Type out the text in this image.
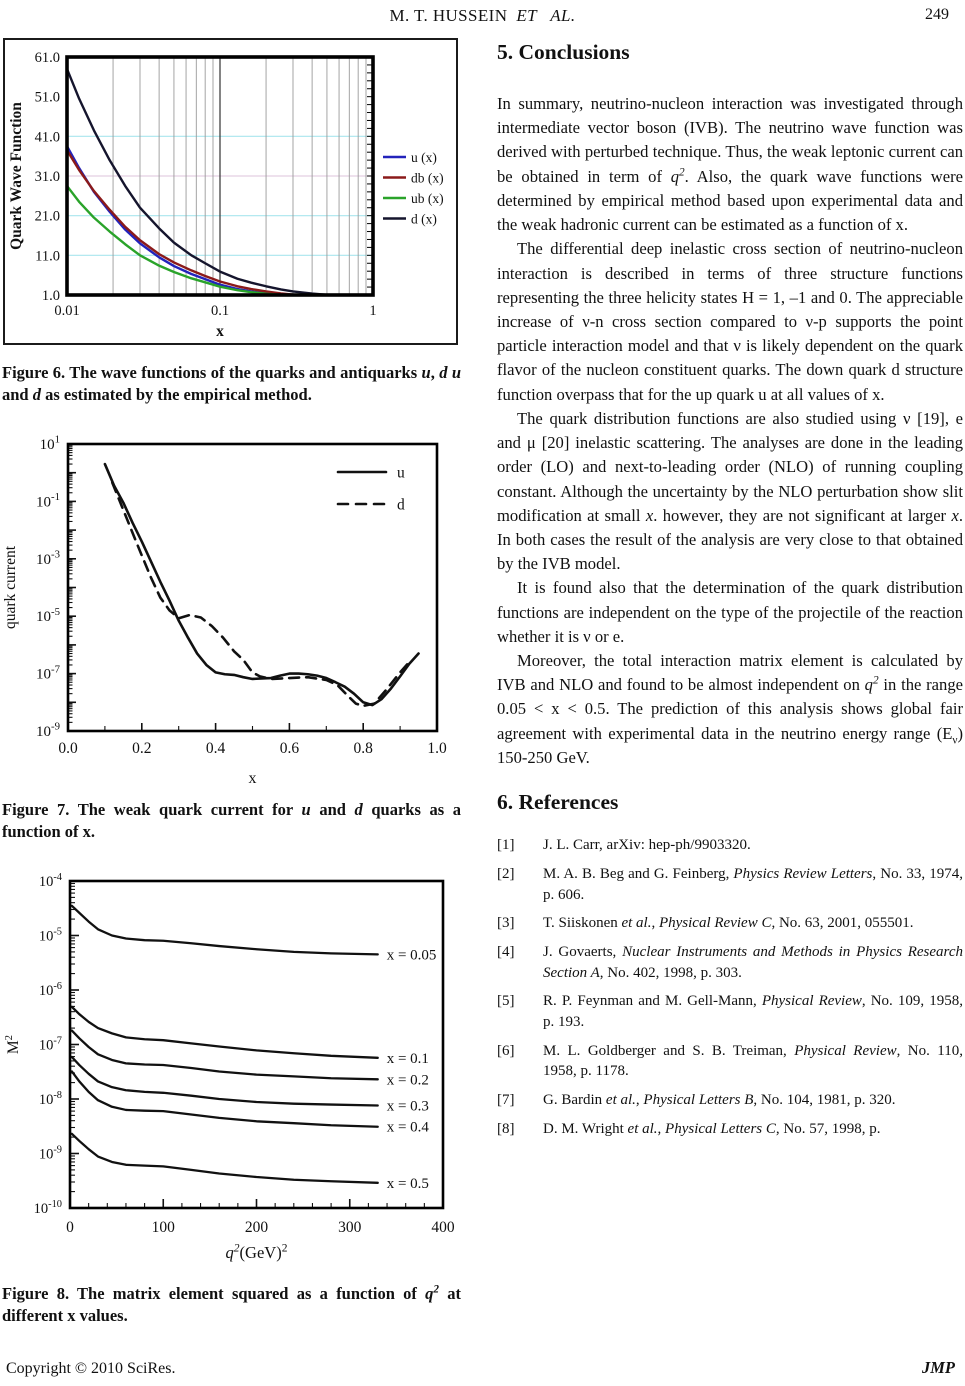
M. T. HUSSEIN ET  AL.	249
61.0
51.0
41.0
31.0
21.0
11.0
1.0
0.01	0.1	1
Quark Wave Function
x
u (x)
db (x)
ub (x)
d (x)
Figure 6. The wave functions of the quarks and antiquarks u, d u and d as estimated by the empirical method.
$10^1$
$10^{-1}$
$10^{-3}$
$10^{-5}$
$10^{-7}$
$10^{-9}$
0.0	0.2	0.4	0.6	0.8	1.0
u
d
quark current
x
Figure 7. The weak quark current for u and d quarks as a function of x.
$10^{-10}$
$10^{-9}$
$10^{-8}$
$10^{-7}$
$10^{-6}$
$10^{-5}$
$10^{-4}$
0	100	200	300	400
x = 0.05
x = 0.1
x = 0.2
x = 0.3
x = 0.4
x = 0.5
$M^2$
$q^2(GeV)^2$
Figure 8. The matrix element squared as a function of $q^2$ at different x values.
5. Conclusions

In summary, neutrino-nucleon interaction was investigated through intermediate vector boson (IVB). The neutrino wave function was derived with perturbed technique. Thus, the weak leptonic current can be obtained in term of $q^2$. Also, the quark wave functions were determined by empirical method based upon experimental data and the weak hadronic current can be estimated as a function of x.

The differential deep inelastic cross section of neutrino-nucleon interaction is described in terms of three structure functions representing the three helicity states H = 1, –1 and 0. The appreciable increase of ν-n cross section compared to ν-p supports the point particle interaction model and that ν is likely dependent on the quark flavor of the nucleon constituent quarks. The down quark d structure function overpass that for the up quark u at all values of x.

The quark distribution functions are also studied using ν [19], e and μ [20] inelastic scattering. The analyses are done in the leading order (LO) and next-to-leading order (NLO) of running coupling constant. Although the uncertainty by the NLO perturbation show slit modification at small x. however, they are not significant at larger x. In both cases the result of the analysis are very close to that obtained by the IVB model.

It is found also that the determination of the quark distribution functions are independent on the type of the projectile of the reaction whether it is ν or e.

Moreover, the total interaction matrix element is calculated by IVB and NLO and found to be almost independent on $q^2$ in the range 0.05 < x < 0.5. The prediction of this analysis shows global fair agreement with experimental data in the neutrino energy range $(E_\nu)$ 150-250 GeV.

6. References
[1]	J. L. Carr, arXiv: hep-ph/9903320.
[2]	M. A. B. Beg and G. Feinberg, Physics Review Letters, No. 33, 1974, p. 606.
[3]	T. Siiskonen et al., Physical Review C, No. 63, 2001, 055501.
[4]	J. Govaerts, Nuclear Instruments and Methods in Physics Research Section A, No. 402, 1998, p. 303.
[5]	R. P. Feynman and M. Gell-Mann, Physical Review, No. 109, 1958, p. 193.
[6]	M. L. Goldberger and S. B. Treiman, Physical Review, No. 110, 1958, p. 1178.
[7]	G. Bardin et al., Physical Letters B, No. 104, 1981, p. 320.
[8]	D. M. Wright et al., Physical Letters C, No. 57, 1998, p.
Copyright © 2010 SciRes.	JMP
